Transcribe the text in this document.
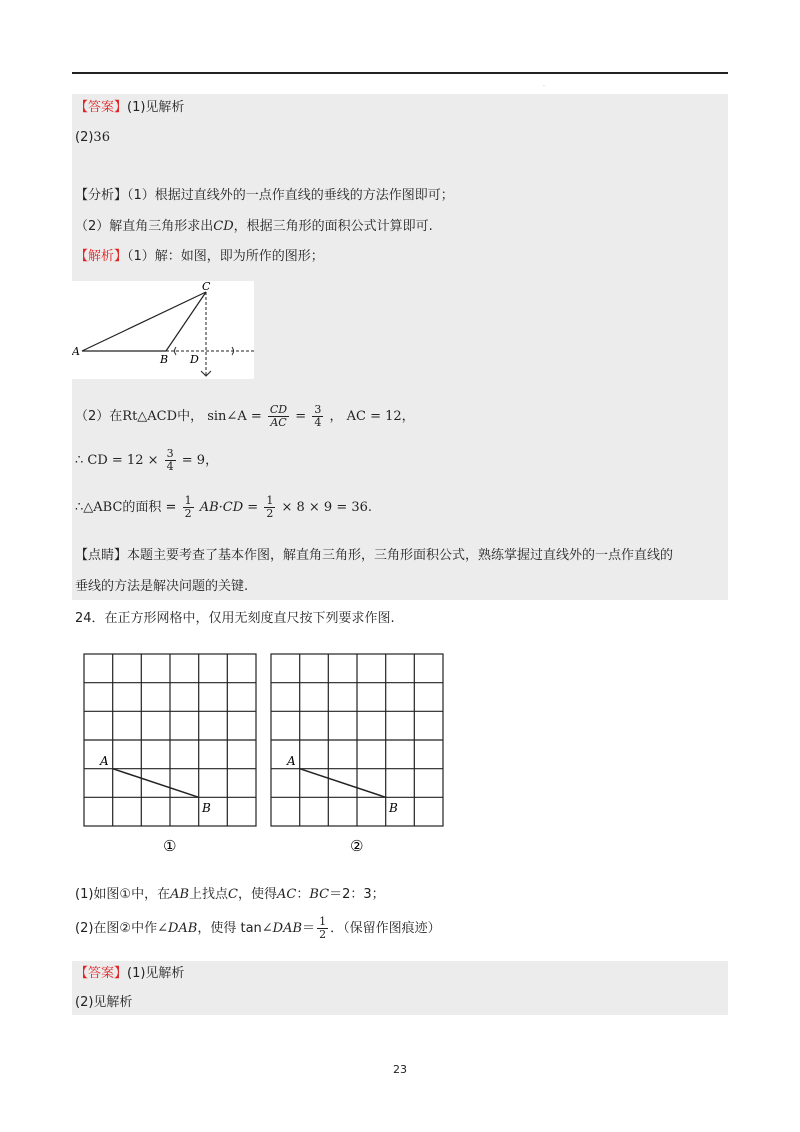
.
【答案】(1)见解析
(2)36
【分析】（1）根据过直线外的一点作直线的垂线的方法作图即可；
（2）解直角三角形求出CD，根据三角形的面积公式计算即可.
【解析】（1）解：如图，即为所作的图形；
C
A
B D
（2）在Rt△ACD中， sin∠A = $\frac{CD}{AC} = \frac{3}{4}$ ， AC = 12，
∴ CD = $12 \times \frac{3}{4} = 9$，
∴△ABC的面积 = $\frac{1}{2} AB\cdot CD = \frac{1}{2} \times 8 \times 9 = 36$.
【点睛】本题主要考查了基本作图，解直角三角形，三角形面积公式，熟练掌握过直线外的一点作直线的
垂线的方法是解决问题的关键.
24．在正方形网格中，仅用无刻度直尺按下列要求作图.
A
B
①
A
B
②
(1)如图①中，在AB上找点C，使得AC：BC＝2：3；
(2)在图②中作∠DAB，使得 tan∠DAB＝ $\frac{1}{2}$ ．（保留作图痕迹）
【答案】(1)见解析
(2)见解析
23
